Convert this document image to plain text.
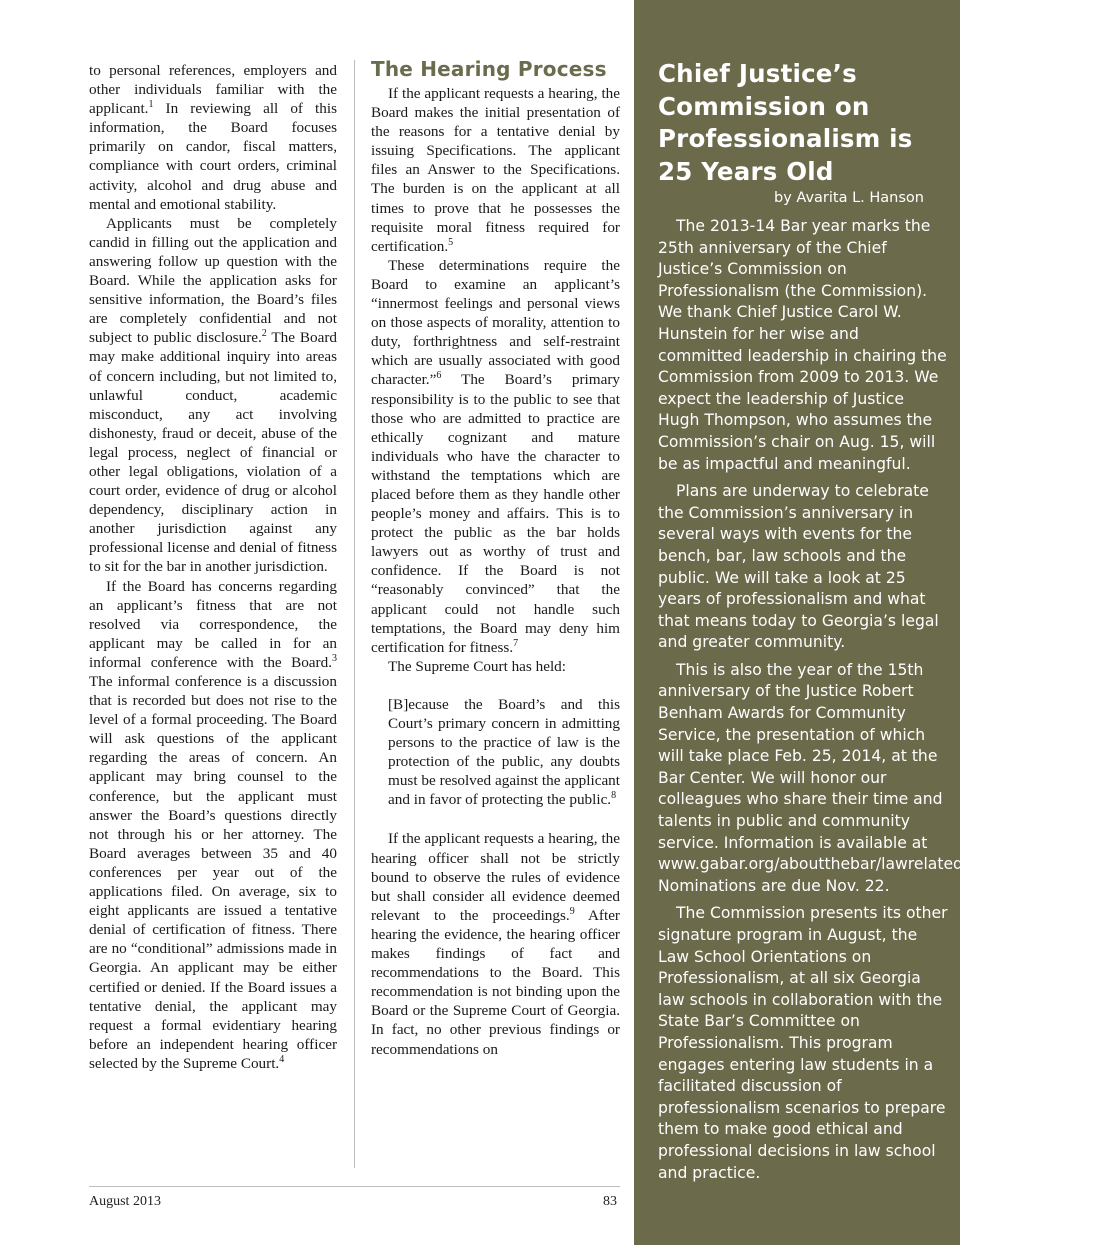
to personal references, employers and other individuals familiar with the applicant.$^1$ In reviewing all of this information, the Board focuses primarily on candor, fiscal matters, compliance with court orders, criminal activity, alcohol and drug abuse and mental and emotional stability.

Applicants must be completely candid in filling out the application and answering follow up question with the Board. While the application asks for sensitive information, the Board’s files are completely confidential and not subject to public disclosure.$^2$ The Board may make additional inquiry into areas of concern including, but not limited to, unlawful conduct, academic misconduct, any act involving dishonesty, fraud or deceit, abuse of the legal process, neglect of financial or other legal obligations, violation of a court order, evidence of drug or alcohol dependency, disciplinary action in another jurisdiction against any professional license and denial of fitness to sit for the bar in another jurisdiction.

If the Board has concerns regarding an applicant’s fitness that are not resolved via correspondence, the applicant may be called in for an informal conference with the Board.$^3$ The informal conference is a discussion that is recorded but does not rise to the level of a formal proceeding. The Board will ask questions of the applicant regarding the areas of concern. An applicant may bring counsel to the conference, but the applicant must answer the Board’s questions directly not through his or her attorney. The Board averages between 35 and 40 conferences per year out of the applications filed. On average, six to eight applicants are issued a tentative denial of certification of fitness. There are no “conditional” admissions made in Georgia. An applicant may be either certified or denied. If the Board issues a tentative denial, the applicant may request a formal evidentiary hearing before an independent hearing officer selected by the Supreme Court.$^4$

The Hearing Process

If the applicant requests a hearing, the Board makes the initial presentation of the reasons for a tentative denial by issuing Specifications. The applicant files an Answer to the Specifications. The burden is on the applicant at all times to prove that he possesses the requisite moral fitness required for certification.$^5$

These determinations require the Board to examine an applicant’s “innermost feelings and personal views on those aspects of morality, attention to duty, forthrightness and self-restraint which are usually associated with good character.”$^6$ The Board’s primary responsibility is to the public to see that those who are admitted to practice are ethically cognizant and mature individuals who have the character to withstand the temptations which are placed before them as they handle other people’s money and affairs. This is to protect the public as the bar holds lawyers out as worthy of trust and confidence. If the Board is not “reasonably convinced” that the applicant could not handle such temptations, the Board may deny him certification for fitness.$^7$

The Supreme Court has held:

[B]ecause the Board’s and this Court’s primary concern in admitting persons to the practice of law is the protection of the public, any doubts must be resolved against the applicant and in favor of protecting the public.$^8$

If the applicant requests a hearing, the hearing officer shall not be strictly bound to observe the rules of evidence but shall consider all evidence deemed relevant to the proceedings.$^9$ After hearing the evidence, the hearing officer makes findings of fact and recommendations to the Board. This recommendation is not binding upon the Board or the Supreme Court of Georgia. In fact, no other previous findings or recommendations on

August 2013	83
Chief Justice’s Commission on Professionalism is 25 Years Old
by Avarita L. Hanson

The 2013-14 Bar year marks the 25th anniversary of the Chief Justice’s Commission on Professionalism (the Commission). We thank Chief Justice Carol W. Hunstein for her wise and committed leadership in chairing the Commission from 2009 to 2013. We expect the leadership of Justice Hugh Thompson, who assumes the Commission’s chair on Aug. 15, will be as impactful and meaningful.

Plans are underway to celebrate the Commission’s anniversary in several ways with events for the bench, bar, law schools and the public. We will take a look at 25 years of professionalism and what that means today to Georgia’s legal and greater community.

This is also the year of the 15th anniversary of the Justice Robert Benham Awards for Community Service, the presentation of which will take place Feb. 25, 2014, at the Bar Center. We will honor our colleagues who share their time and talents in public and community service. Information is available at www.gabar.org/aboutthebar/lawrelatedorganizations/cjcp. Nominations are due Nov. 22.

The Commission presents its other signature program in August, the Law School Orientations on Professionalism, at all six Georgia law schools in collaboration with the State Bar’s Committee on Professionalism. This program engages entering law students in a facilitated discussion of professionalism scenarios to prepare them to make good ethical and professional decisions in law school and practice.
